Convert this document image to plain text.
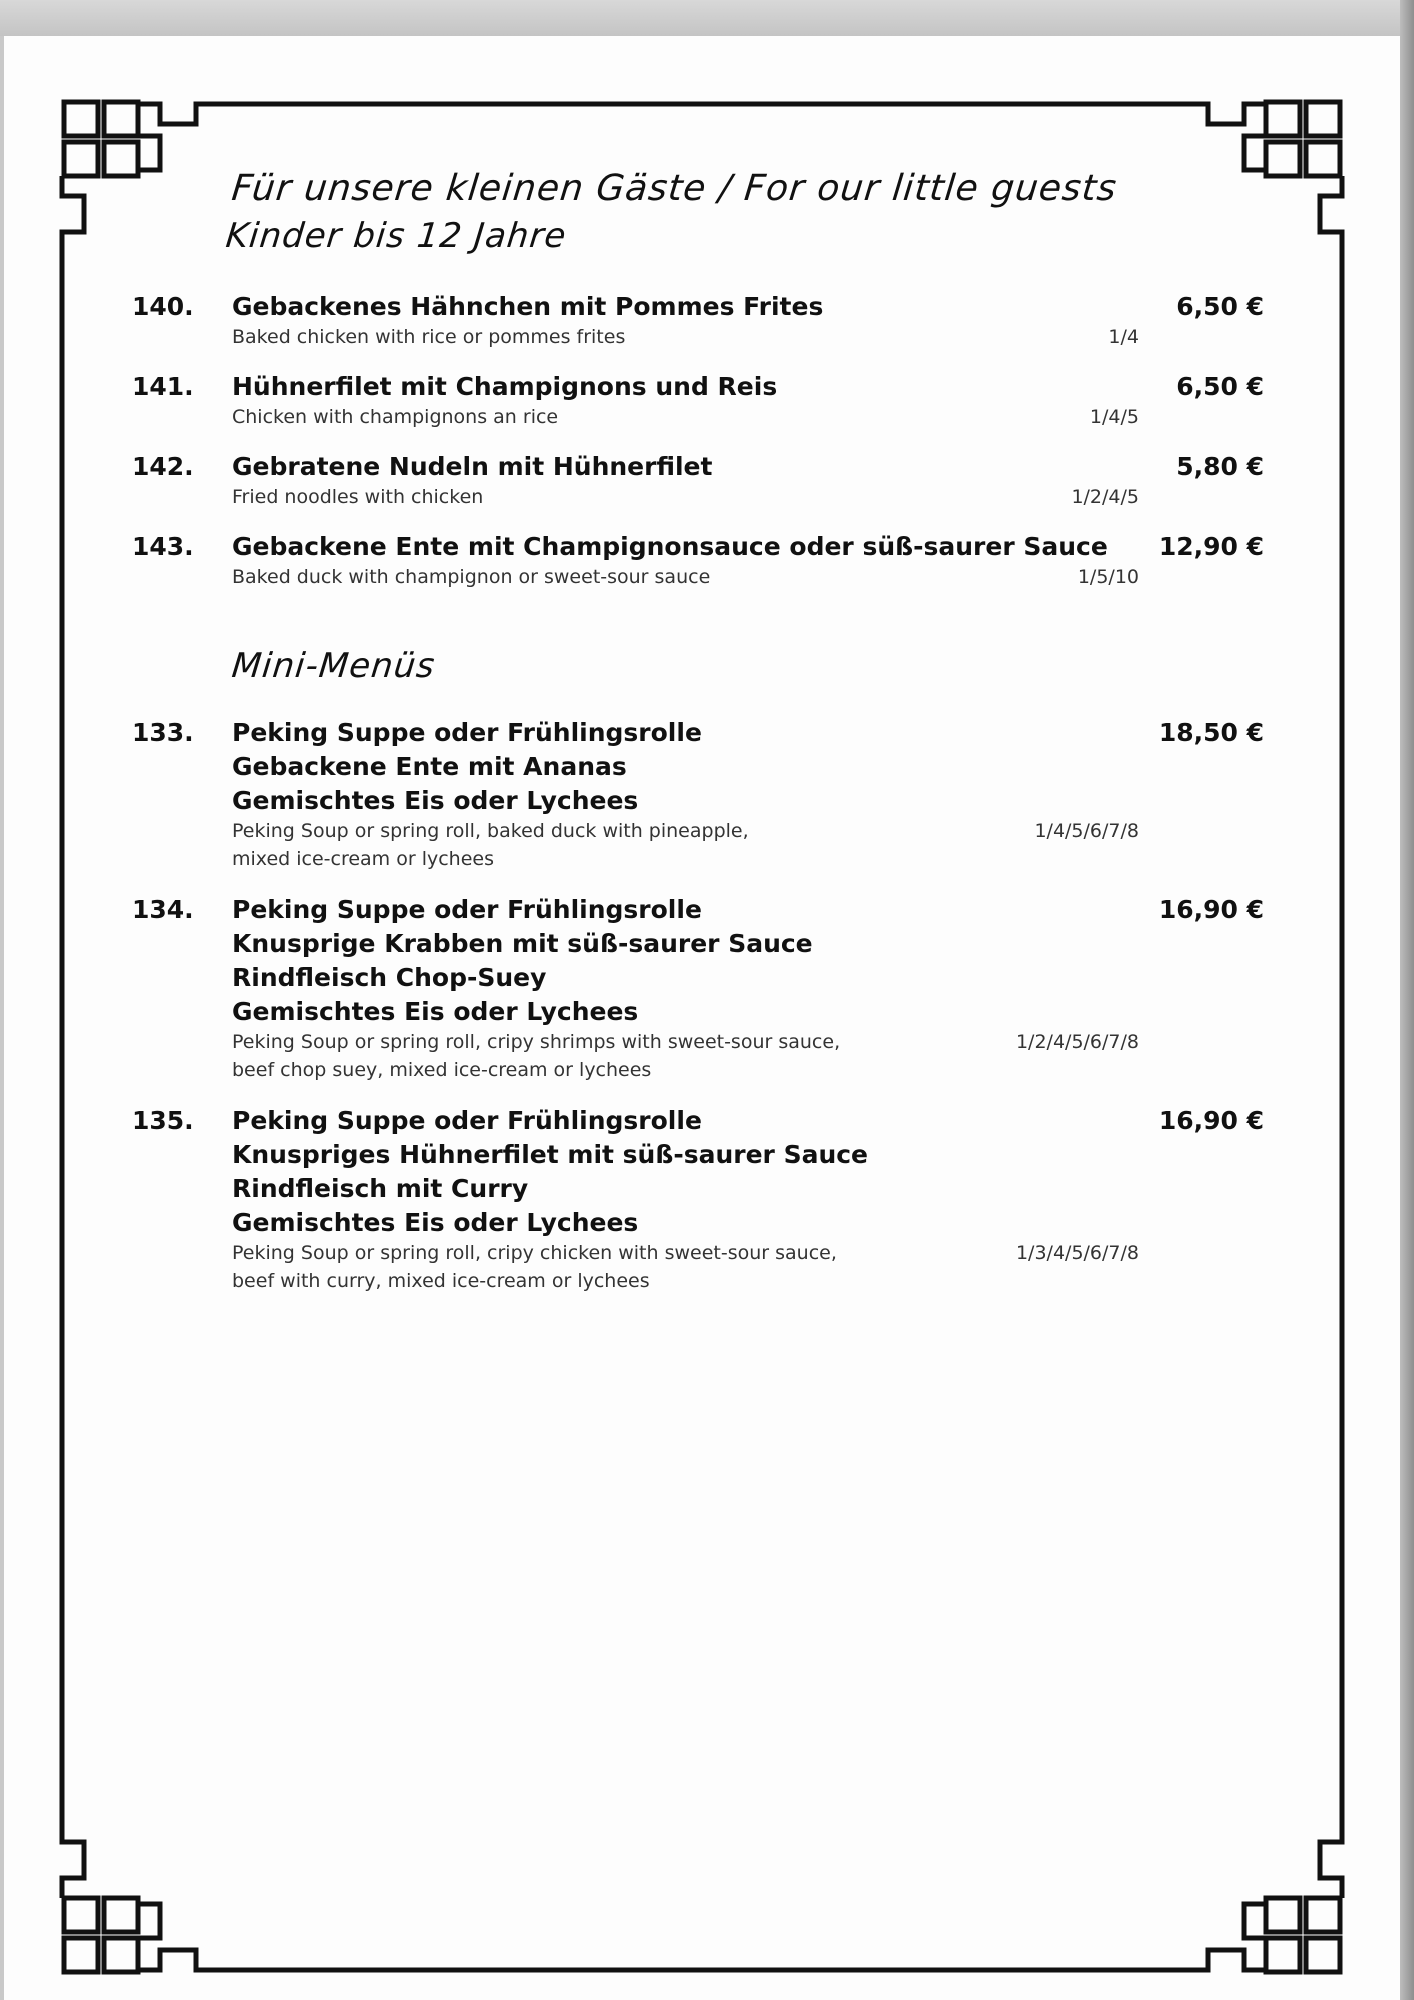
Für unsere kleinen Gäste / For our little guests
Kinder bis 12 Jahre
140. Gebackenes Hähnchen mit Pommes Frites
Baked chicken with rice or pommes frites	1/4
6,50 €
141. Hühnerfilet mit Champignons und Reis
Chicken with champignons an rice	1/4/5
6,50 €
142. Gebratene Nudeln mit Hühnerfilet
Fried noodles with chicken	1/2/4/5
5,80 €
143. Gebackene Ente mit Champignonsauce oder süß-saurer Sauce
Baked duck with champignon or sweet-sour sauce	1/5/10
12,90 €
Mini-Menüs
133. Peking Suppe oder Frühlingsrolle
Gebackene Ente mit Ananas
Gemischtes Eis oder Lychees
Peking Soup or spring roll, baked duck with pineapple,
mixed ice-cream or lychees
1/4/5/6/7/8
18,50 €
134. Peking Suppe oder Frühlingsrolle
Knusprige Krabben mit süß-saurer Sauce
Rindfleisch Chop-Suey
Gemischtes Eis oder Lychees
Peking Soup or spring roll, cripy shrimps with sweet-sour sauce,
beef chop suey, mixed ice-cream or lychees
1/2/4/5/6/7/8
16,90 €
135. Peking Suppe oder Frühlingsrolle
Knuspriges Hühnerfilet mit süß-saurer Sauce
Rindfleisch mit Curry
Gemischtes Eis oder Lychees
Peking Soup or spring roll, cripy chicken with sweet-sour sauce,
beef with curry, mixed ice-cream or lychees
1/3/4/5/6/7/8
16,90 €
